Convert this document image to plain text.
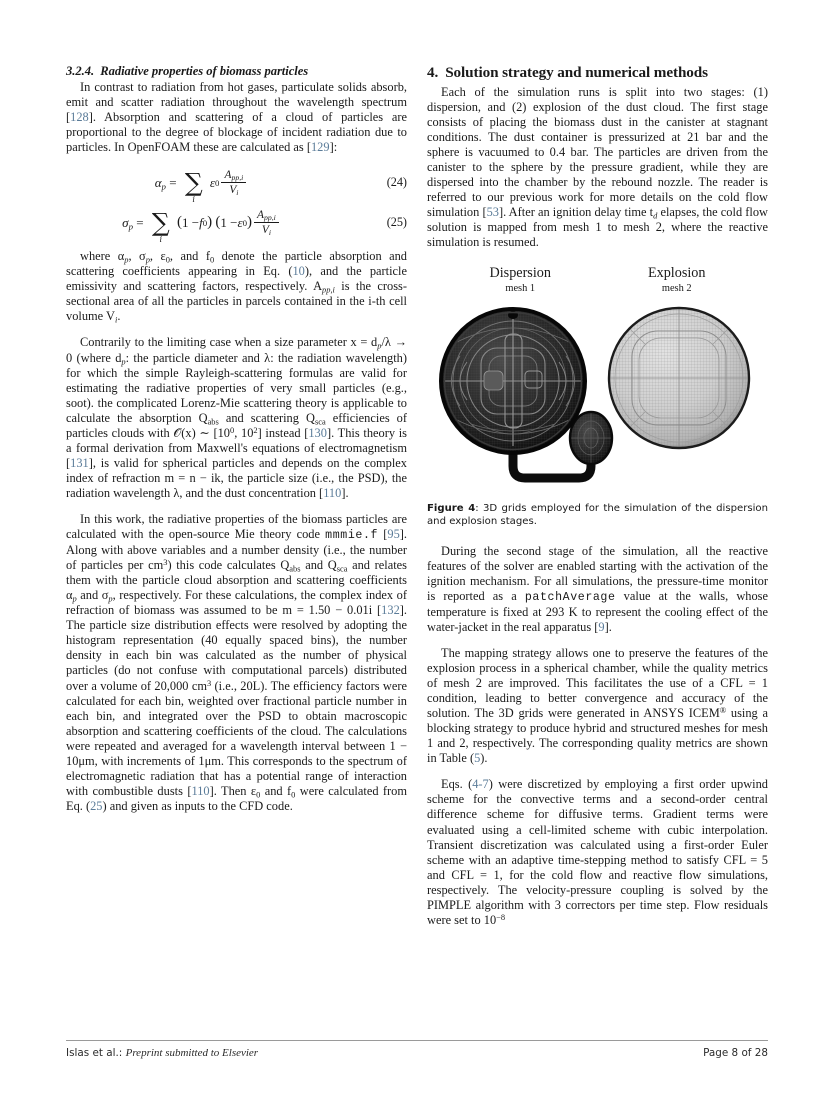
3.2.4. Radiative properties of biomass particles

In contrast to radiation from hot gases, particulate solids absorb, emit and scatter radiation throughout the wavelength spectrum [128]. Absorption and scattering of a cloud of particles are proportional to the degree of blockage of incident radiation due to particles. In OpenFOAM these are calculated as [129]:

$\alpha_p$ = ∑
i

ε $0 \frac{A_{pp,i}}{V_i}$	(24)
$\sigma_p$ = ∑
i

( 1 − f 0 )
( 1 − ε 0 ) $\frac{A_{pp,i}}{V_i}$	(25)

where $\alpha_p$, $\sigma_p$, $\varepsilon_0$, and $f_0$ denote the particle absorption and scattering coefficients appearing in Eq. (10), and the particle emissivity and scattering factors, respectively. $A_{pp,i}$ is the cross-sectional area of all the particles in parcels contained in the i-th cell volume $V_i$.

Contrarily to the limiting case when a size parameter $x = d_p/\lambda \to 0$ (where $d_p$: the particle diameter and λ: the radiation wavelength) for which the simple Rayleigh-scattering formulas are valid for estimating the radiative properties of very small particles (e.g., soot). the complicated Lorenz-Mie scattering theory is applicable to calculate the absorption $Q_{abs}$ and scattering $Q_{sca}$ efficiencies of particles clouds with 𝒪(x) ∼ [$10^0$, $10^2$] instead [130]. This theory is a formal derivation from Maxwell's equations of electromagnetism [131], is valid for spherical particles and depends on the complex index of refraction m = n − ik, the particle size (i.e., the PSD), the radiation wavelength λ, and the dust concentration [110].

In this work, the radiative properties of the biomass particles are calculated with the open-source Mie theory code mmmie.f [95]. Along with above variables and a number density (i.e., the number of particles per $cm^3$) this code calculates $Q_{abs}$ and $Q_{sca}$ and relates them with the particle cloud absorption and scattering coefficients $\alpha_p$ and $\sigma_p$, respectively. For these calculations, the complex index of refraction of biomass was assumed to be m = 1.50 − 0.01i [132]. The particle size distribution effects were resolved by adopting the histogram representation (40 equally spaced bins), the number density in each bin was calculated as the number of physical particles (do not confuse with computational parcels) distributed over a volume of 20,000 $cm^3$ (i.e., 20L). The efficiency factors were calculated for each bin, weighted over fractional particle number in each bin, and integrated over the PSD to obtain macroscopic absorption and scattering coefficients of the cloud. The calculations were repeated and averaged for a wavelength interval between 1 − 10μm, with increments of 1μm. This corresponds to the spectrum of electromagnetic radiation that has a potential range of interaction with combustible dusts [110]. Then $\varepsilon_0$ and $f_0$ were calculated from Eq. (25) and given as inputs to the CFD code.

4. Solution strategy and numerical methods

Each of the simulation runs is split into two stages: (1) dispersion, and (2) explosion of the dust cloud. The first stage consists of placing the biomass dust in the canister at stagnant conditions. The dust container is pressurized at 21 bar and the sphere is vacuumed to 0.4 bar. The particles are driven from the canister to the sphere by the pressure gradient, while they are dispersed into the chamber by the rebound nozzle. The reader is referred to our previous work for more details on the cold flow simulation [53]. After an ignition delay time $t_d$ elapses, the cold flow solution is mapped from mesh 1 to mesh 2, where the reactive simulation is resumed.

Dispersion
mesh 1
Explosion
mesh 2
Figure 4: 3D grids employed for the simulation of the dispersion and explosion stages.

During the second stage of the simulation, all the reactive features of the solver are enabled starting with the activation of the ignition mechanism. For all simulations, the pressure-time monitor is reported as a patchAverage value at the walls, whose temperature is fixed at 293 K to represent the cooling effect of the water-jacket in the real apparatus [9].

The mapping strategy allows one to preserve the features of the explosion process in a spherical chamber, while the quality metrics of mesh 2 are improved. This facilitates the use of a CFL = 1 condition, leading to better convergence and accuracy of the solution. The 3D grids were generated in ANSYS ICEM® using a blocking strategy to produce hybrid and structured meshes for mesh 1 and 2, respectively. The corresponding quality metrics are shown in Table (5).

Eqs. (4-7) were discretized by employing a first order upwind scheme for the convective terms and a second-order central difference scheme for diffusive terms. Gradient terms were evaluated using a cell-limited scheme with cubic interpolation. Transient discretization was calculated using a first-order Euler scheme with an adaptive time-stepping method to satisfy CFL = 5 and CFL = 1, for the cold flow and reactive flow simulations, respectively. The velocity-pressure coupling is solved by the PIMPLE algorithm with 3 correctors per time step. Flow residuals were set to $10^{-8}$

Islas et al.: Preprint submitted to Elsevier	Page 8 of 28
